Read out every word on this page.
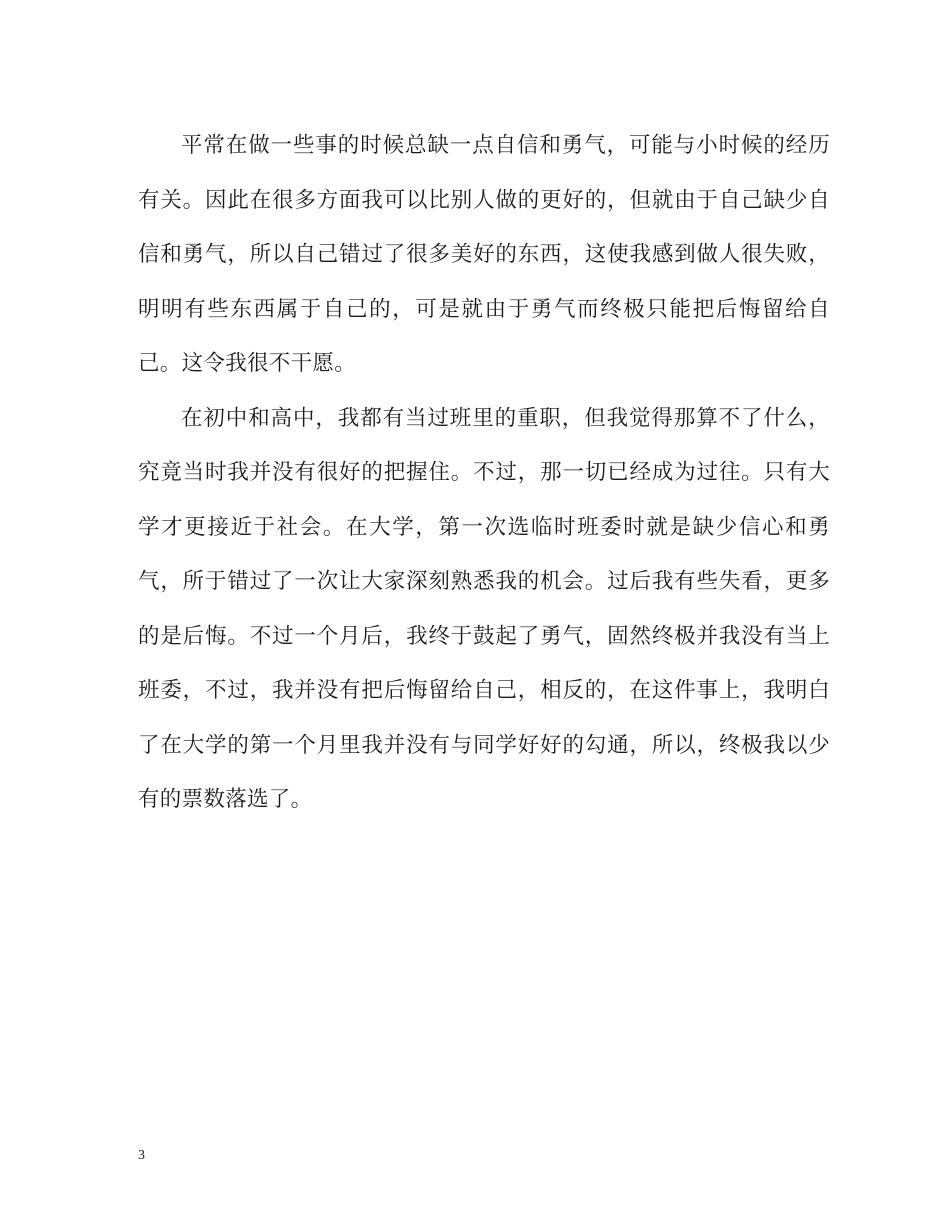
平常在做一些事的时候总缺一点自信和勇气，可能与小时候的经历有关。因此在很多方面我可以比别人做的更好的，但就由于自己缺少自信和勇气，所以自己错过了很多美好的东西，这使我感到做人很失败，明明有些东西属于自己的，可是就由于勇气而终极只能把后悔留给自己。这令我很不干愿。

在初中和高中，我都有当过班里的重职，但我觉得那算不了什么，究竟当时我并没有很好的把握住。不过，那一切已经成为过往。只有大学才更接近于社会。在大学，第一次选临时班委时就是缺少信心和勇气，所于错过了一次让大家深刻熟悉我的机会。过后我有些失看，更多的是后悔。不过一个月后，我终于鼓起了勇气，固然终极并我没有当上班委，不过，我并没有把后悔留给自己，相反的，在这件事上，我明白了在大学的第一个月里我并没有与同学好好的勾通，所以，终极我以少有的票数落选了。

3
